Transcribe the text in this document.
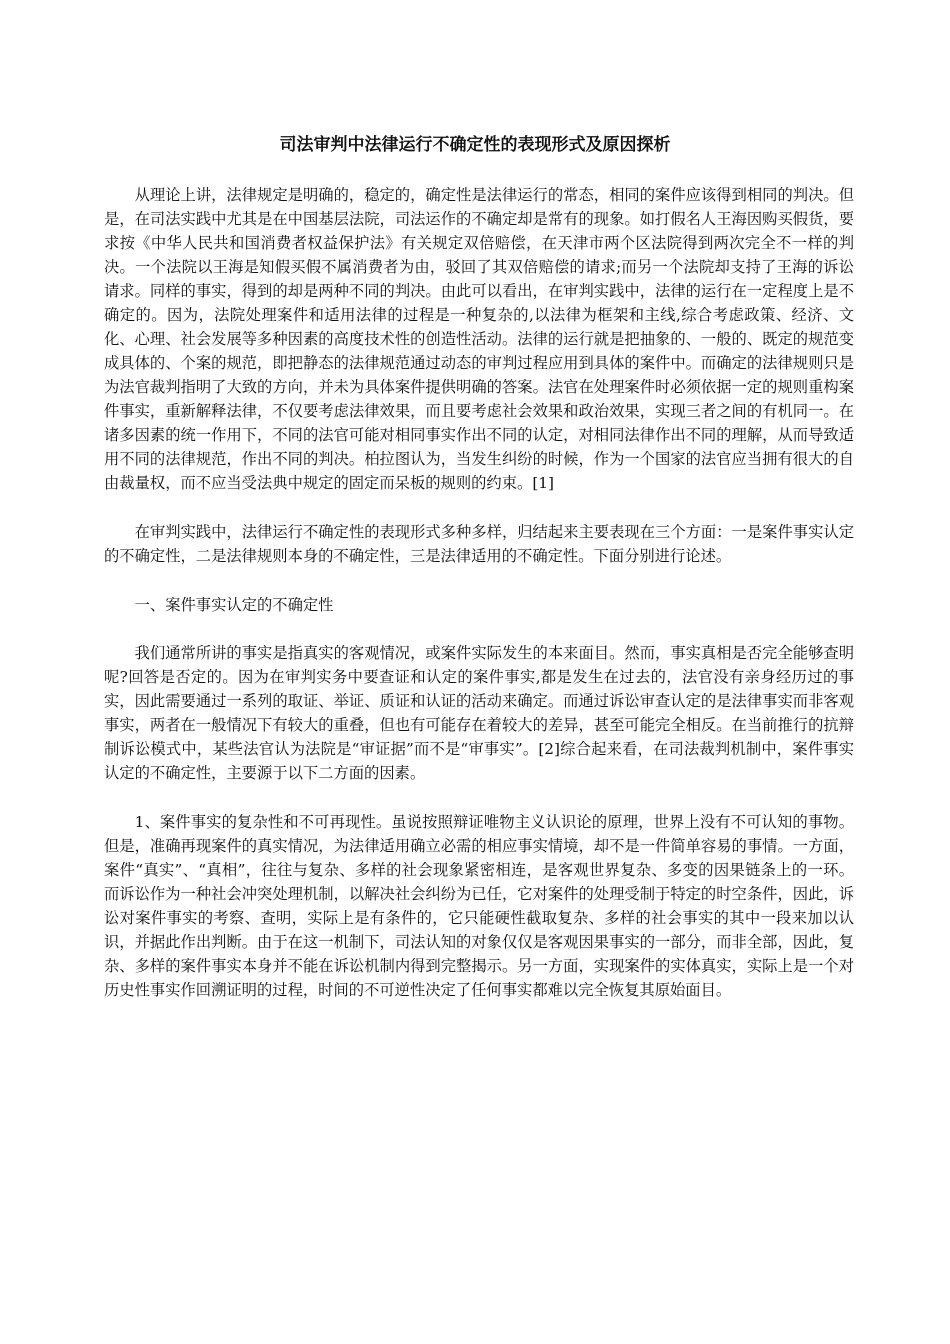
司法审判中法律运行不确定性的表现形式及原因探析

从理论上讲，法律规定是明确的，稳定的，确定性是法律运行的常态，相同的案件应该得到相同的判决。但是，在司法实践中尤其是在中国基层法院，司法运作的不确定却是常有的现象。如打假名人王海因购买假货，要求按《中华人民共和国消费者权益保护法》有关规定双倍赔偿，在天津市两个区法院得到两次完全不一样的判决。一个法院以王海是知假买假不属消费者为由，驳回了其双倍赔偿的请求;而另一个法院却支持了王海的诉讼请求。同样的事实，得到的却是两种不同的判决。由此可以看出，在审判实践中，法律的运行在一定程度上是不确定的。因为，法院处理案件和适用法律的过程是一种复杂的,以法律为框架和主线,综合考虑政策、经济、文化、心理、社会发展等多种因素的高度技术性的创造性活动。法律的运行就是把抽象的、一般的、既定的规范变成具体的、个案的规范，即把静态的法律规范通过动态的审判过程应用到具体的案件中。而确定的法律规则只是为法官裁判指明了大致的方向，并未为具体案件提供明确的答案。法官在处理案件时必须依据一定的规则重构案件事实，重新解释法律，不仅要考虑法律效果，而且要考虑社会效果和政治效果，实现三者之间的有机同一。在诸多因素的统一作用下，不同的法官可能对相同事实作出不同的认定，对相同法律作出不同的理解，从而导致适用不同的法律规范，作出不同的判决。柏拉图认为，当发生纠纷的时候，作为一个国家的法官应当拥有很大的自由裁量权，而不应当受法典中规定的固定而呆板的规则的约束。[1]

在审判实践中，法律运行不确定性的表现形式多种多样，归结起来主要表现在三个方面：一是案件事实认定的不确定性，二是法律规则本身的不确定性，三是法律适用的不确定性。下面分别进行论述。

一、案件事实认定的不确定性

我们通常所讲的事实是指真实的客观情况，或案件实际发生的本来面目。然而，事实真相是否完全能够查明呢?回答是否定的。因为在审判实务中要查证和认定的案件事实,都是发生在过去的，法官没有亲身经历过的事实，因此需要通过一系列的取证、举证、质证和认证的活动来确定。而通过诉讼审查认定的是法律事实而非客观事实，两者在一般情况下有较大的重叠，但也有可能存在着较大的差异，甚至可能完全相反。在当前推行的抗辩制诉讼模式中，某些法官认为法院是“审证据”而不是“审事实”。[2]综合起来看，在司法裁判机制中，案件事实认定的不确定性，主要源于以下二方面的因素。

1、案件事实的复杂性和不可再现性。虽说按照辩证唯物主义认识论的原理，世界上没有不可认知的事物。但是，准确再现案件的真实情况，为法律适用确立必需的相应事实情境，却不是一件简单容易的事情。一方面，案件“真实”、“真相”，往往与复杂、多样的社会现象紧密相连，是客观世界复杂、多变的因果链条上的一环。而诉讼作为一种社会冲突处理机制，以解决社会纠纷为已任，它对案件的处理受制于特定的时空条件，因此，诉讼对案件事实的考察、查明，实际上是有条件的，它只能硬性截取复杂、多样的社会事实的其中一段来加以认识，并据此作出判断。由于在这一机制下，司法认知的对象仅仅是客观因果事实的一部分，而非全部，因此，复杂、多样的案件事实本身并不能在诉讼机制内得到完整揭示。另一方面，实现案件的实体真实，实际上是一个对历史性事实作回溯证明的过程，时间的不可逆性决定了任何事实都难以完全恢复其原始面目。
